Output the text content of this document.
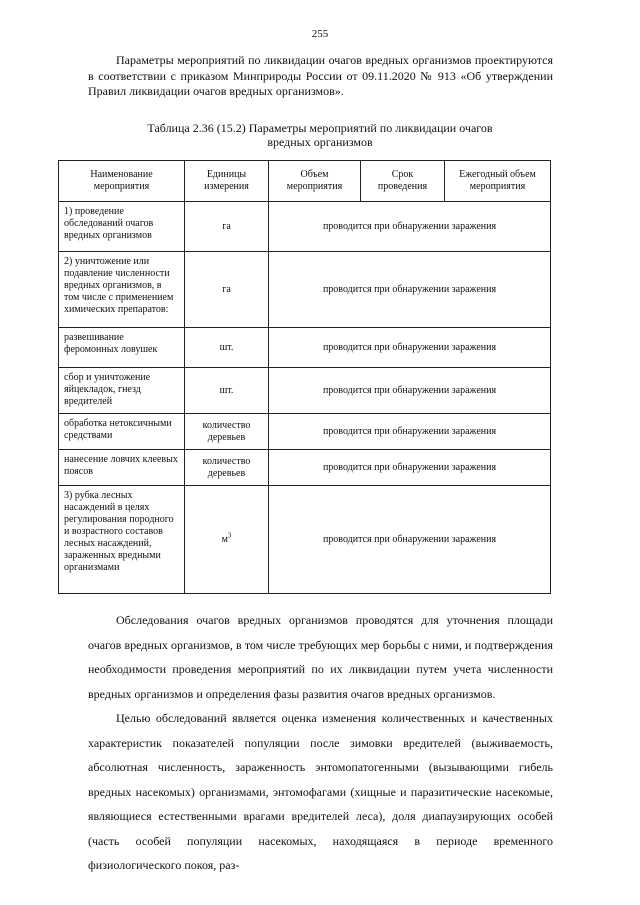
255

Параметры мероприятий по ликвидации очагов вредных организмов проектируются в соответствии с приказом Минприроды России от 09.11.2020 № 913 «Об утверждении Правил ликвидации очагов вредных организмов».

Таблица 2.36 (15.2) Параметры мероприятий по ликвидации очагов
вредных организмов

Наименование мероприятия	Единицы измерения	Объем мероприятия	Срок проведения	Ежегодный объем мероприятия
1) проведение обследований очагов вредных организмов	га	проводится при обнаружении заражения		
2) уничтожение или подавление численности вредных организмов, в том числе с применением химических препаратов:	га	проводится при обнаружении заражения		
развешивание феромонных ловушек	шт.	проводится при обнаружении заражения		
сбор и уничтожение яйцекладок, гнезд вредителей	шт.	проводится при обнаружении заражения		
обработка нетоксичными средствами	количество деревьев	проводится при обнаружении заражения		
нанесение ловчих клеевых поясов	количество деревьев	проводится при обнаружении заражения		
3) рубка лесных насаждений в целях регулирования породного и возрастного составов лесных насаждений, зараженных вредными организмами	$м^3$	проводится при обнаружении заражения		

Обследования очагов вредных организмов проводятся для уточнения площади очагов вредных организмов, в том числе требующих мер борьбы с ними, и подтверждения необходимости проведения мероприятий по их ликвидации путем учета численности вредных организмов и определения фазы развития очагов вредных организмов.

Целью обследований является оценка изменения количественных и качественных характеристик показателей популяции после зимовки вредителей (выживаемость, абсолютная численность, зараженность энтомопатогенными (вызывающими гибель вредных насекомых) организмами, энтомофагами (хищные и паразитические насекомые, являющиеся естественными врагами вредителей леса), доля диапаузирующих особей (часть особей популяции насекомых, находящаяся в периоде временного физиологического покоя, раз-
